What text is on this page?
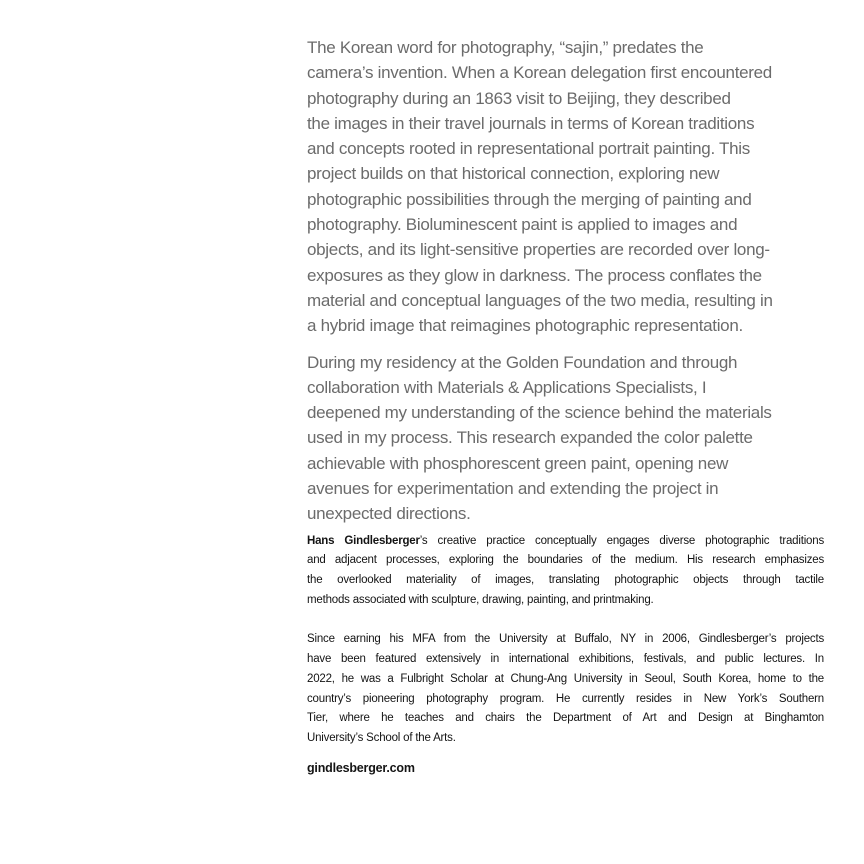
The Korean word for photography, “sajin,” predates the
camera’s invention. When a Korean delegation first encountered
photography during an 1863 visit to Beijing, they described
the images in their travel journals in terms of Korean traditions
and concepts rooted in representational portrait painting. This
project builds on that historical connection, exploring new
photographic possibilities through the merging of painting and
photography. Bioluminescent paint is applied to images and
objects, and its light-sensitive properties are recorded over long-
exposures as they glow in darkness. The process conflates the
material and conceptual languages of the two media, resulting in
a hybrid image that reimagines photographic representation.
During my residency at the Golden Foundation and through
collaboration with Materials & Applications Specialists, I
deepened my understanding of the science behind the materials
used in my process. This research expanded the color palette
achievable with phosphorescent green paint, opening new
avenues for experimentation and extending the project in
unexpected directions.
Hans Gindlesberger’s creative practice conceptually engages diverse photographic traditions
and adjacent processes, exploring the boundaries of the medium. His research emphasizes
the overlooked materiality of images, translating photographic objects through tactile
methods associated with sculpture, drawing, painting, and printmaking.
Since earning his MFA from the University at Buffalo, NY in 2006, Gindlesberger’s projects
have been featured extensively in international exhibitions, festivals, and public lectures. In
2022, he was a Fulbright Scholar at Chung-Ang University in Seoul, South Korea, home to the
country’s pioneering photography program. He currently resides in New York’s Southern
Tier, where he teaches and chairs the Department of Art and Design at Binghamton
University’s School of the Arts.
gindlesberger.com
